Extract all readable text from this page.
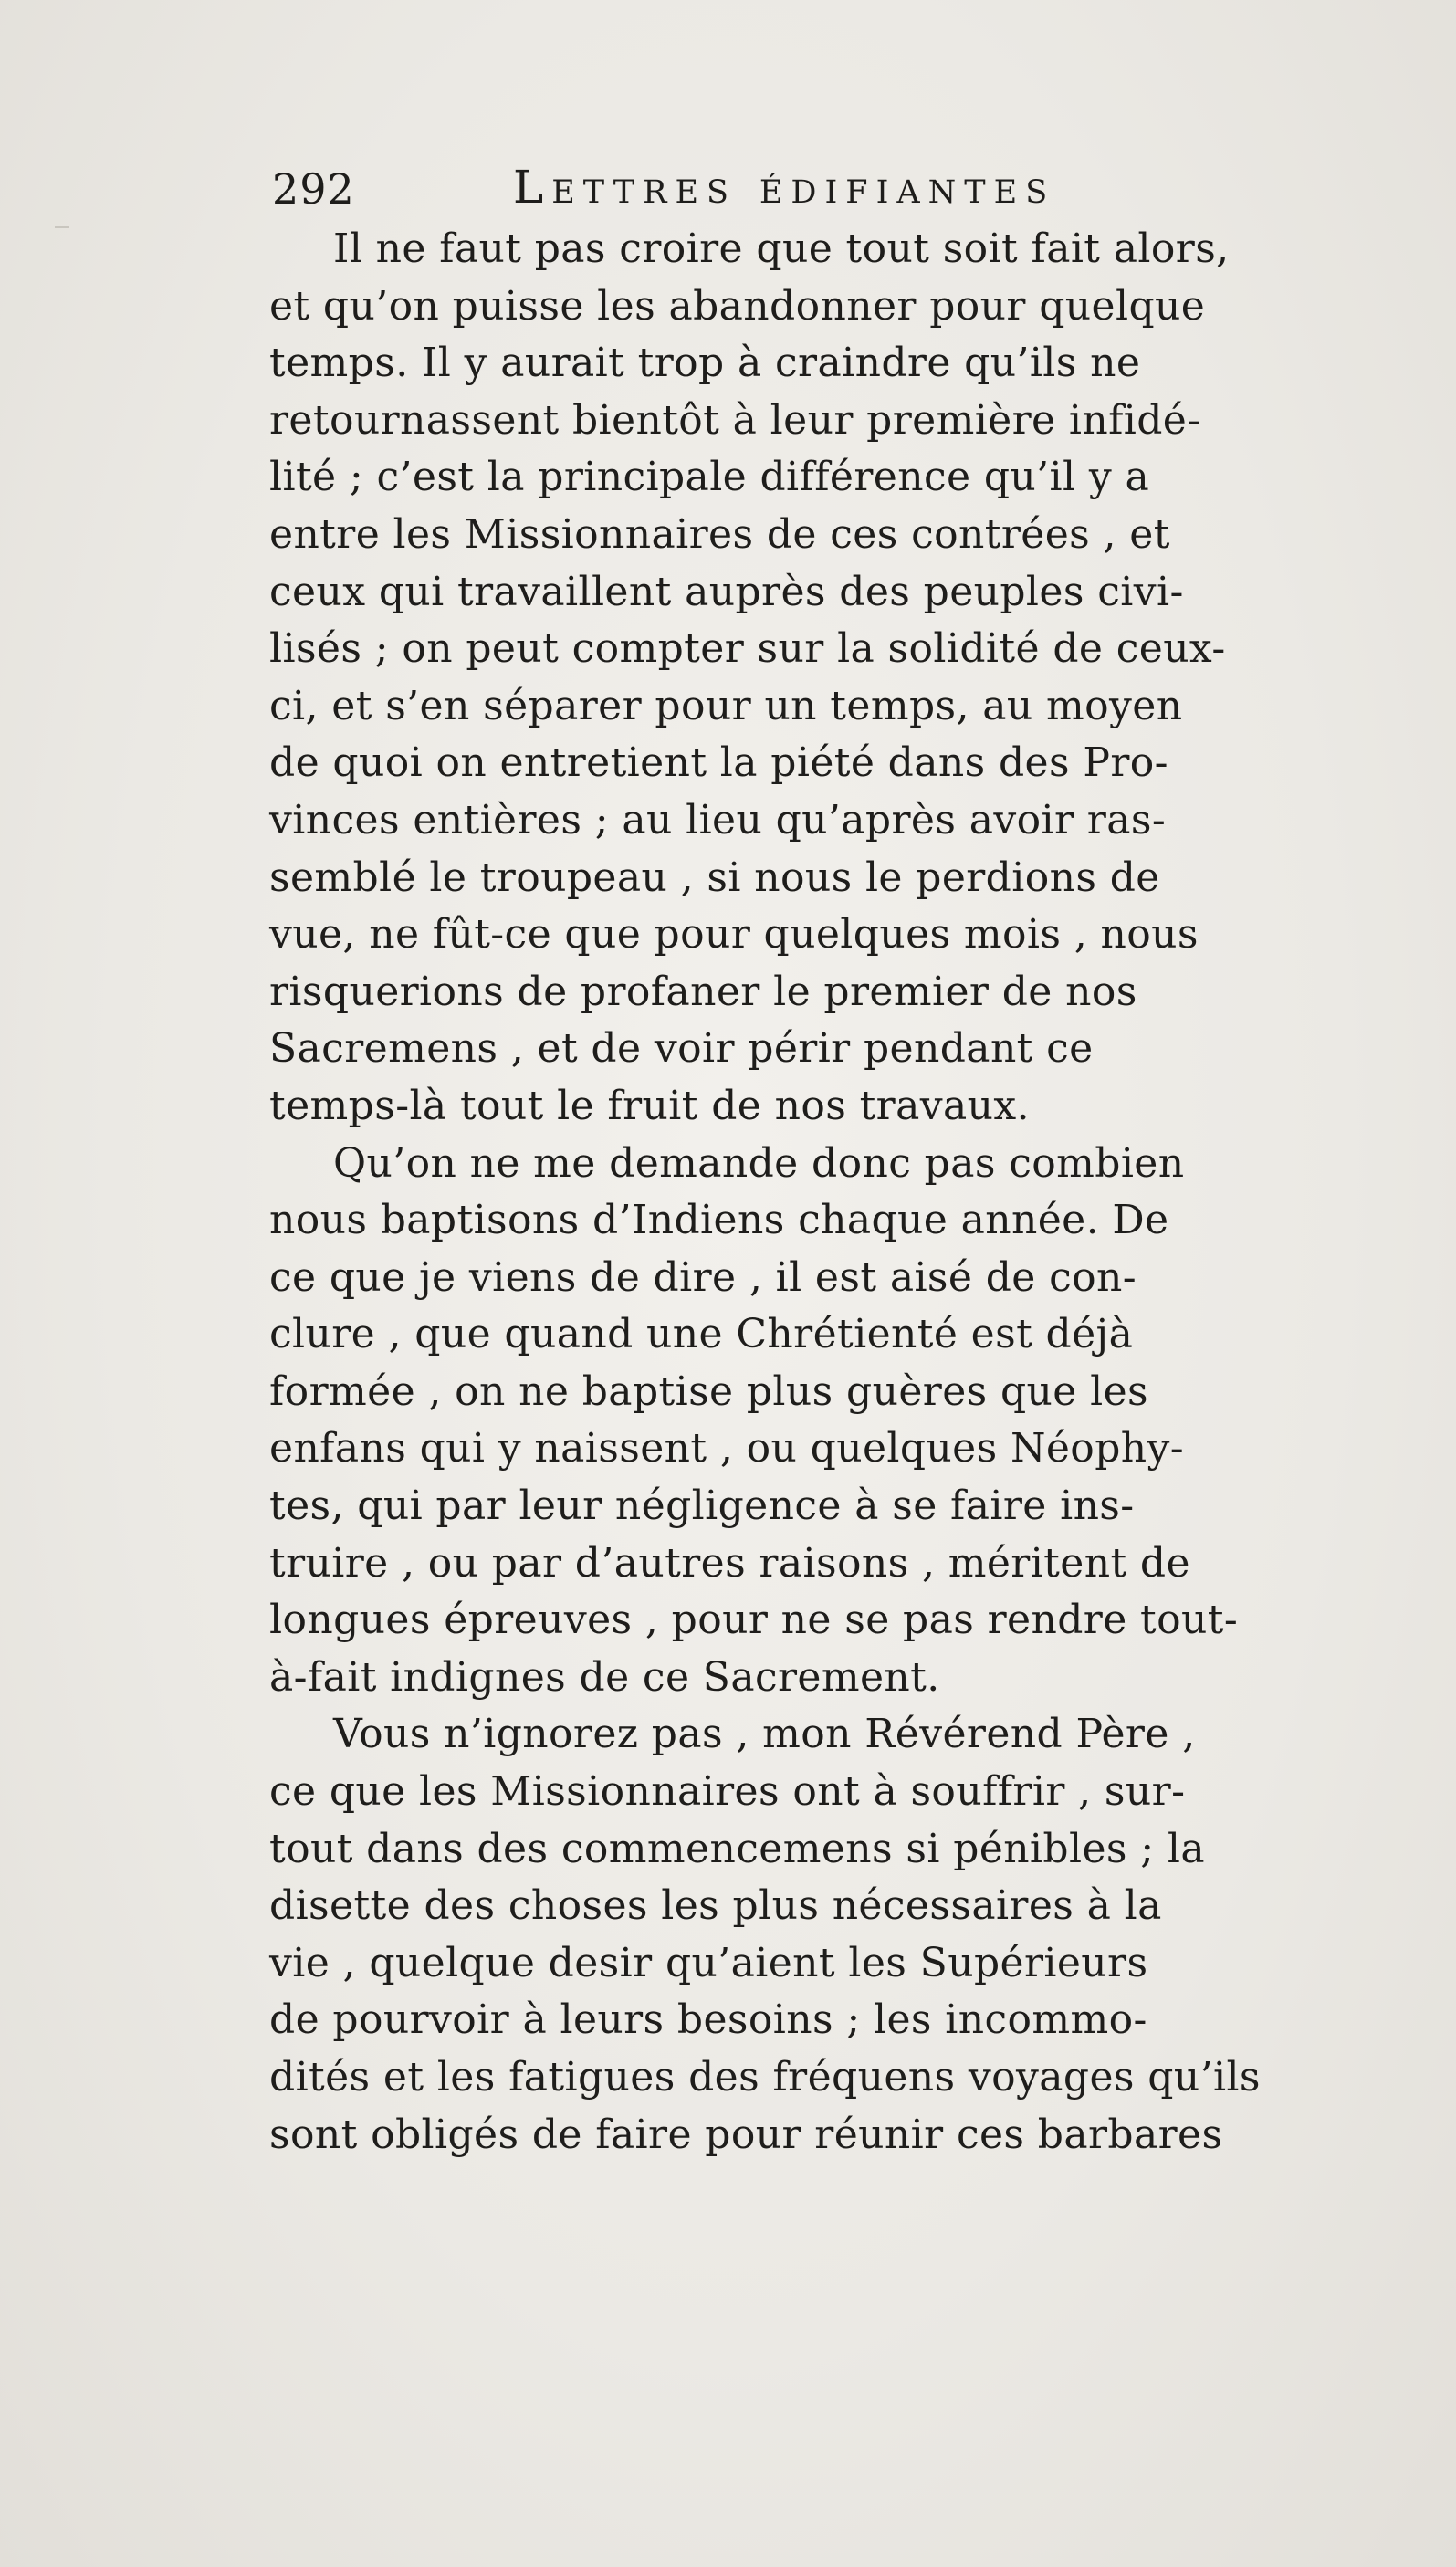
292	Lettres édifiantes
Il ne faut pas croire que tout soit fait alors,
et qu’on puisse les abandonner pour quelque
temps. Il y aurait trop à craindre qu’ils ne
retournassent bientôt à leur première infidé-
lité ; c’est la principale différence qu’il y a
entre les Missionnaires de ces contrées , et
ceux qui travaillent auprès des peuples civi-
lisés ; on peut compter sur la solidité de ceux-
ci, et s’en séparer pour un temps, au moyen
de quoi on entretient la piété dans des Pro-
vinces entières ; au lieu qu’après avoir ras-
semblé le troupeau , si nous le perdions de
vue, ne fût-ce que pour quelques mois , nous
risquerions de profaner le premier de nos
Sacremens , et de voir périr pendant ce
temps-là tout le fruit de nos travaux.
Qu’on ne me demande donc pas combien
nous baptisons d’Indiens chaque année. De
ce que je viens de dire , il est aisé de con-
clure , que quand une Chrétienté est déjà
formée , on ne baptise plus guères que les
enfans qui y naissent , ou quelques Néophy-
tes, qui par leur négligence à se faire ins-
truire , ou par d’autres raisons , méritent de
longues épreuves , pour ne se pas rendre tout-
à-fait indignes de ce Sacrement.
Vous n’ignorez pas , mon Révérend Père ,
ce que les Missionnaires ont à souffrir , sur-
tout dans des commencemens si pénibles ; la
disette des choses les plus nécessaires à la
vie , quelque desir qu’aient les Supérieurs
de pourvoir à leurs besoins ; les incommo-
dités et les fatigues des fréquens voyages qu’ils
sont obligés de faire pour réunir ces barbares
